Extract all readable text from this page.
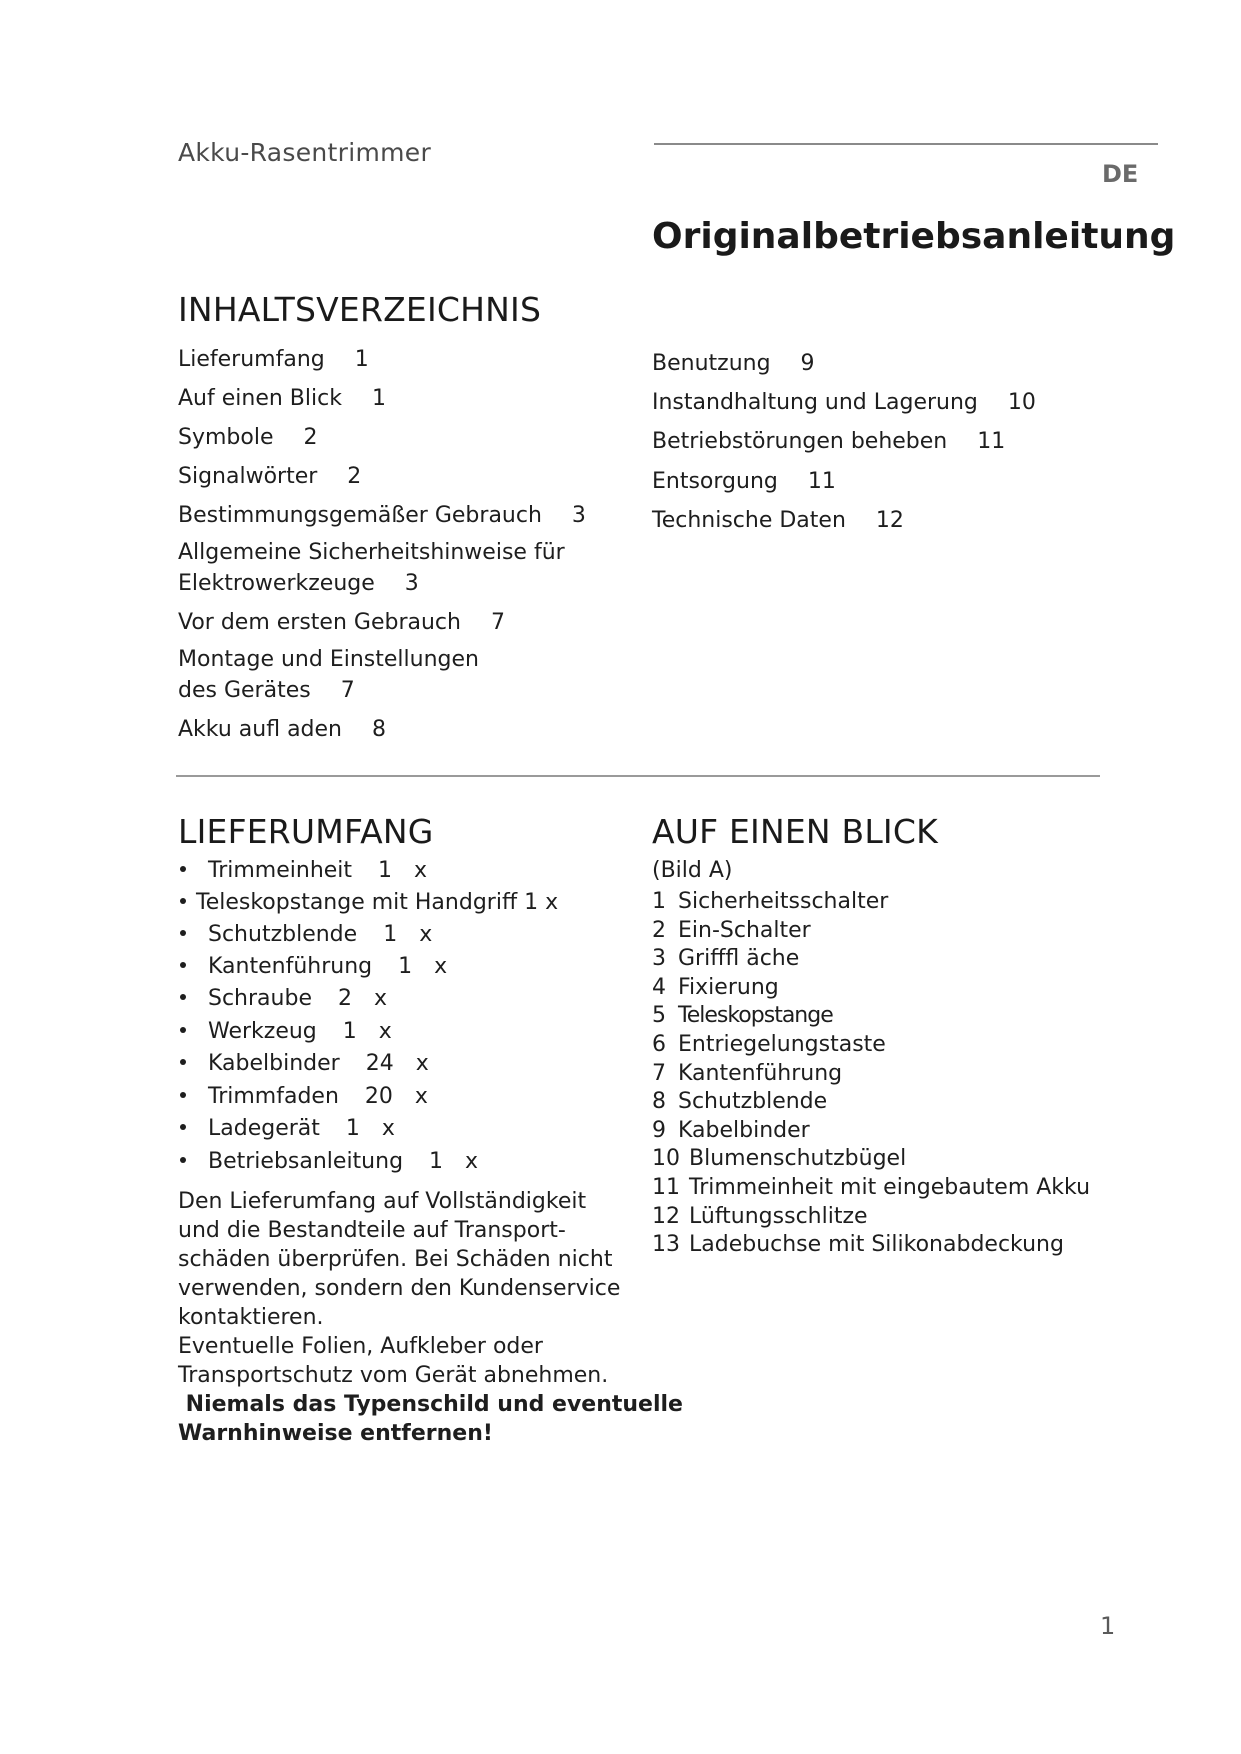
Akku-Rasentrimmer
DE
Originalbetriebsanleitung
INHALTSVERZEICHNIS
Lieferumfang 1
Auf einen Blick 1
Symbole 2
Signalwörter 2
Bestimmungsgemäßer Gebrauch 3
Allgemeine Sicherheitshinweise für
Elektrowerkzeuge 3
Vor dem ersten Gebrauch 7
Montage und Einstellungen
des Gerätes 7
Akku aufl aden 8
Benutzung 9
Instandhaltung und Lagerung 10
Betriebstörungen beheben 11
Entsorgung 11
Technische Daten 12
LIEFERUMFANG
Trimmeinheit 1 x
Teleskopstange mit Handgriff 1 x
Schutzblende 1 x
Kantenführung 1 x
Schraube 2 x
Werkzeug 1 x
Kabelbinder 24 x
Trimmfaden 20 x
Ladegerät 1 x
Betriebsanleitung 1 x

Den Lieferumfang auf Vollständigkeit

und die Bestandteile auf Transport-

schäden überprüfen. Bei Schäden nicht

verwenden, sondern den Kundenservice

kontaktieren.

Eventuelle Folien, Aufkleber oder

Transportschutz vom Gerät abnehmen.

Niemals das Typenschild und eventuelle

Warnhinweise entfernen!

AUF EINEN BLICK
(Bild A)
1 Sicherheitsschalter
2 Ein-Schalter
3 Grifffl äche
4 Fixierung
5 Teleskopstange
6 Entriegelungstaste
7 Kantenführung
8 Schutzblende
9 Kabelbinder
10 Blumenschutzbügel
11 Trimmeinheit mit eingebautem Akku
12 Lüftungsschlitze
13 Ladebuchse mit Silikonabdeckung
1
